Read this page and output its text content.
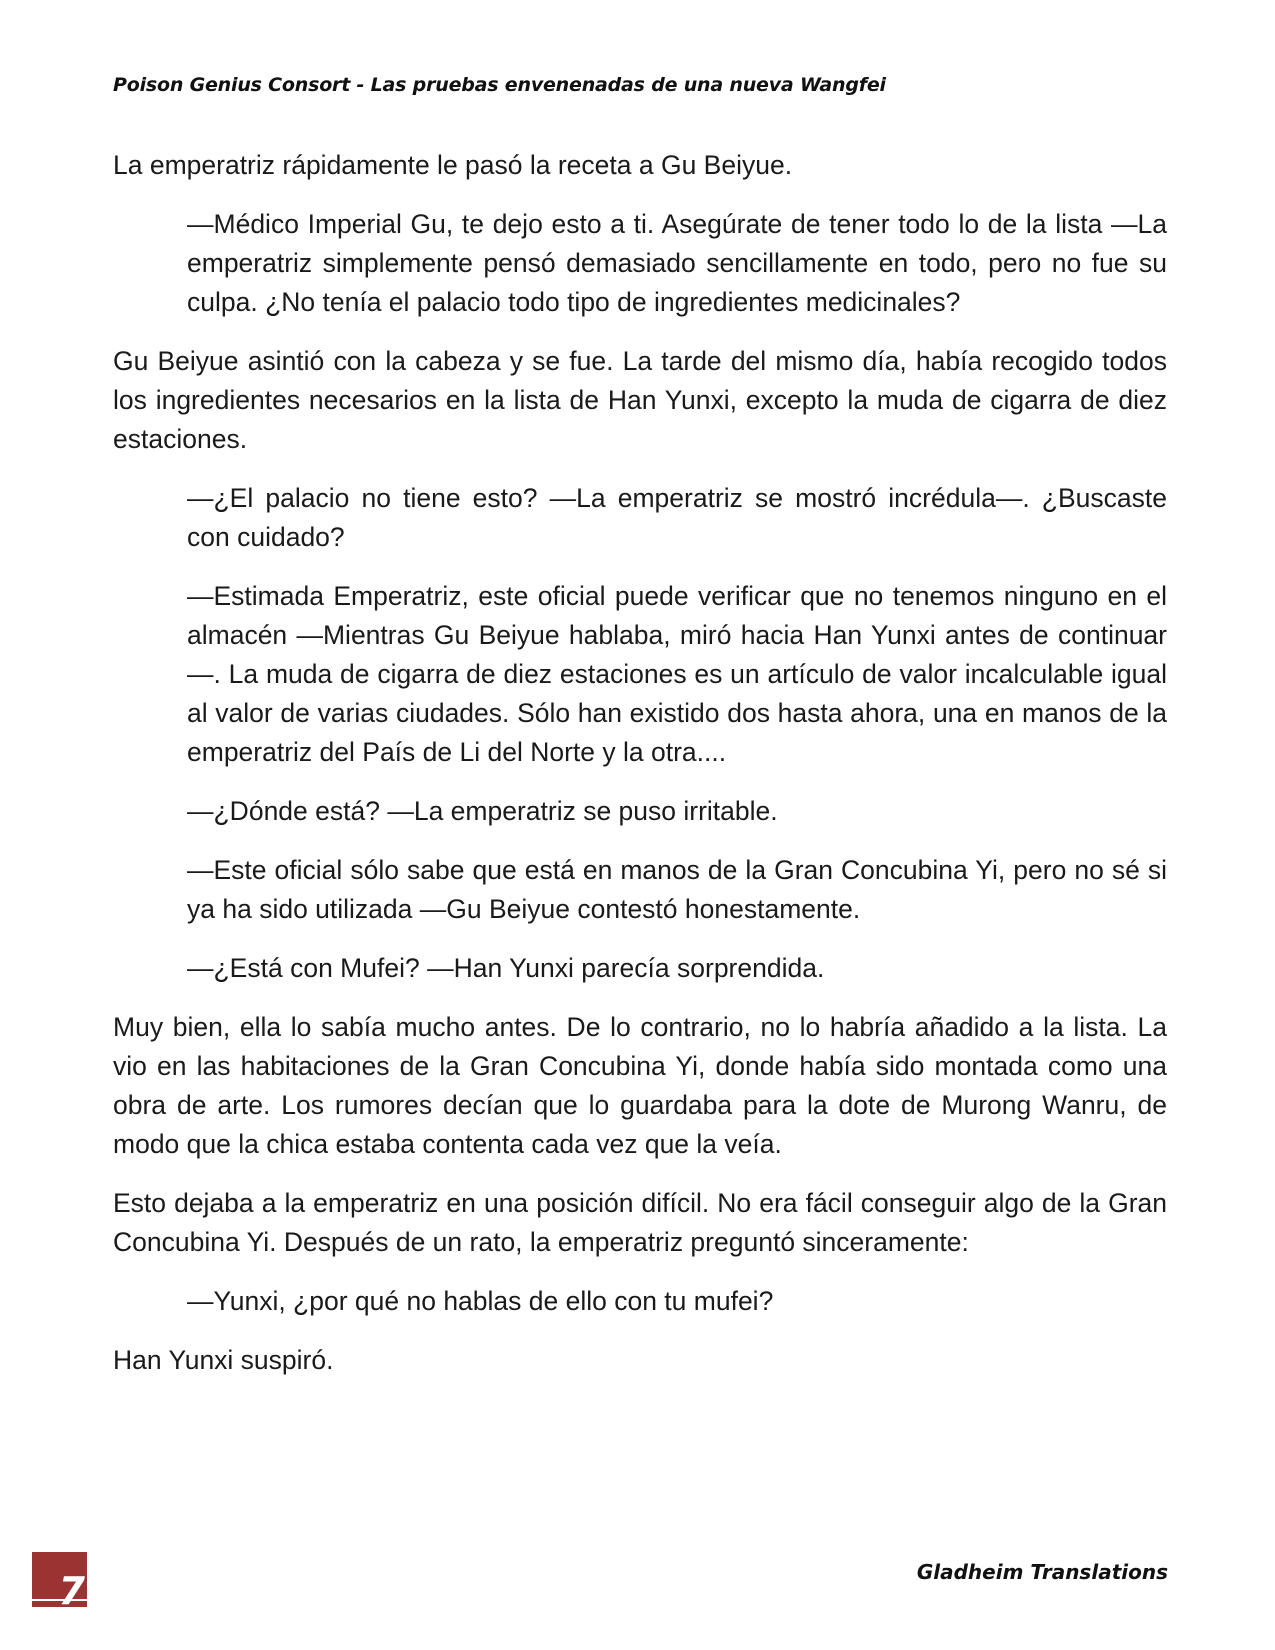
Poison Genius Consort - Las pruebas envenenadas de una nueva Wangfei

La emperatriz rápidamente le pasó la receta a Gu Beiyue.

—Médico Imperial Gu, te dejo esto a ti. Asegúrate de tener todo lo de la lista —La emperatriz simplemente pensó demasiado sencillamente en todo, pero no fue su culpa. ¿No tenía el palacio todo tipo de ingredientes medicinales?

Gu Beiyue asintió con la cabeza y se fue. La tarde del mismo día, había recogido todos los ingredientes necesarios en la lista de Han Yunxi, excepto la muda de cigarra de diez estaciones.

—¿El palacio no tiene esto? —La emperatriz se mostró incrédula—. ¿Buscaste con cuidado?

—Estimada Emperatriz, este oficial puede verificar que no tenemos ninguno en el almacén —Mientras Gu Beiyue hablaba, miró hacia Han Yunxi antes de continuar—. La muda de cigarra de diez estaciones es un artículo de valor incalculable igual al valor de varias ciudades. Sólo han existido dos hasta ahora, una en manos de la emperatriz del País de Li del Norte y la otra....

—¿Dónde está? —La emperatriz se puso irritable.

—Este oficial sólo sabe que está en manos de la Gran Concubina Yi, pero no sé si ya ha sido utilizada —Gu Beiyue contestó honestamente.

—¿Está con Mufei? —Han Yunxi parecía sorprendida.

Muy bien, ella lo sabía mucho antes. De lo contrario, no lo habría añadido a la lista. La vio en las habitaciones de la Gran Concubina Yi, donde había sido montada como una obra de arte. Los rumores decían que lo guardaba para la dote de Murong Wanru, de modo que la chica estaba contenta cada vez que la veía.

Esto dejaba a la emperatriz en una posición difícil. No era fácil conseguir algo de la Gran Concubina Yi. Después de un rato, la emperatriz preguntó sinceramente:

—Yunxi, ¿por qué no hablas de ello con tu mufei?

Han Yunxi suspiró.

7	Gladheim Translations
